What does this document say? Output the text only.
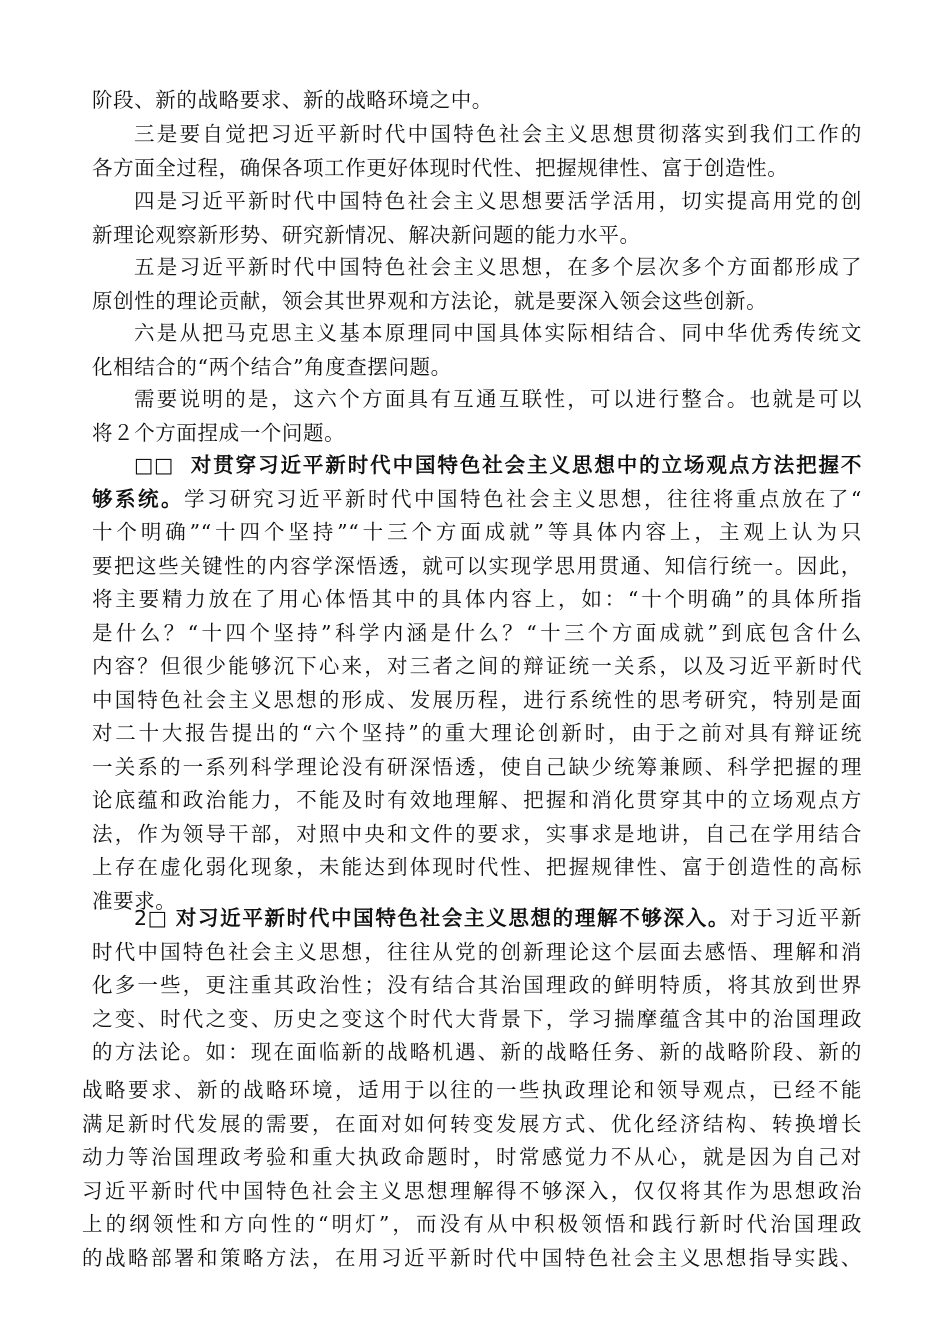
阶段、新的战略要求、新的战略环境之中。
三是要自觉把习近平新时代中国特色社会主义思想贯彻落实到我们工作的
各方面全过程，确保各项工作更好体现时代性、把握规律性、富于创造性。
四是习近平新时代中国特色社会主义思想要活学活用，切实提高用党的创
新理论观察新形势、研究新情况、解决新问题的能力水平。
五是习近平新时代中国特色社会主义思想，在多个层次多个方面都形成了
原创性的理论贡献，领会其世界观和方法论，就是要深入领会这些创新。
六是从把马克思主义基本原理同中国具体实际相结合、同中华优秀传统文
化相结合的“两个结合”角度查摆问题。
需要说明的是，这六个方面具有互通互联性，可以进行整合。也就是可以
将２个方面捏成一个问题。
□□ 对贯穿习近平新时代中国特色社会主义思想中的立场观点方法把握不
够系统。学习研究习近平新时代中国特色社会主义思想，往往将重点放在了“
十个明确”“十四个坚持”“十三个方面成就”等具体内容上，主观上认为只
要把这些关键性的内容学深悟透，就可以实现学思用贯通、知信行统一。因此，
将主要精力放在了用心体悟其中的具体内容上，如：“十个明确”的具体所指
是什么？“十四个坚持”科学内涵是什么？“十三个方面成就”到底包含什么
内容？但很少能够沉下心来，对三者之间的辩证统一关系，以及习近平新时代
中国特色社会主义思想的形成、发展历程，进行系统性的思考研究，特别是面
对二十大报告提出的“六个坚持”的重大理论创新时，由于之前对具有辩证统
一关系的一系列科学理论没有研深悟透，使自己缺少统筹兼顾、科学把握的理
论底蕴和政治能力，不能及时有效地理解、把握和消化贯穿其中的立场观点方
法，作为领导干部，对照中央和文件的要求，实事求是地讲，自己在学用结合
上存在虚化弱化现象，未能达到体现时代性、把握规律性、富于创造性的高标
准要求。
2□ 对习近平新时代中国特色社会主义思想的理解不够深入。对于习近平新
时代中国特色社会主义思想，往往从党的创新理论这个层面去感悟、理解和消
化多一些，更注重其政治性；没有结合其治国理政的鲜明特质，将其放到世界
之变、时代之变、历史之变这个时代大背景下，学习揣摩蕴含其中的治国理政
的方法论。如：现在面临新的战略机遇、新的战略任务、新的战略阶段、新的
战略要求、新的战略环境，适用于以往的一些执政理论和领导观点，已经不能
满足新时代发展的需要，在面对如何转变发展方式、优化经济结构、转换增长
动力等治国理政考验和重大执政命题时，时常感觉力不从心，就是因为自己对
习近平新时代中国特色社会主义思想理解得不够深入，仅仅将其作为思想政治
上的纲领性和方向性的“明灯”，而没有从中积极领悟和践行新时代治国理政
的战略部署和策略方法，在用习近平新时代中国特色社会主义思想指导实践、
